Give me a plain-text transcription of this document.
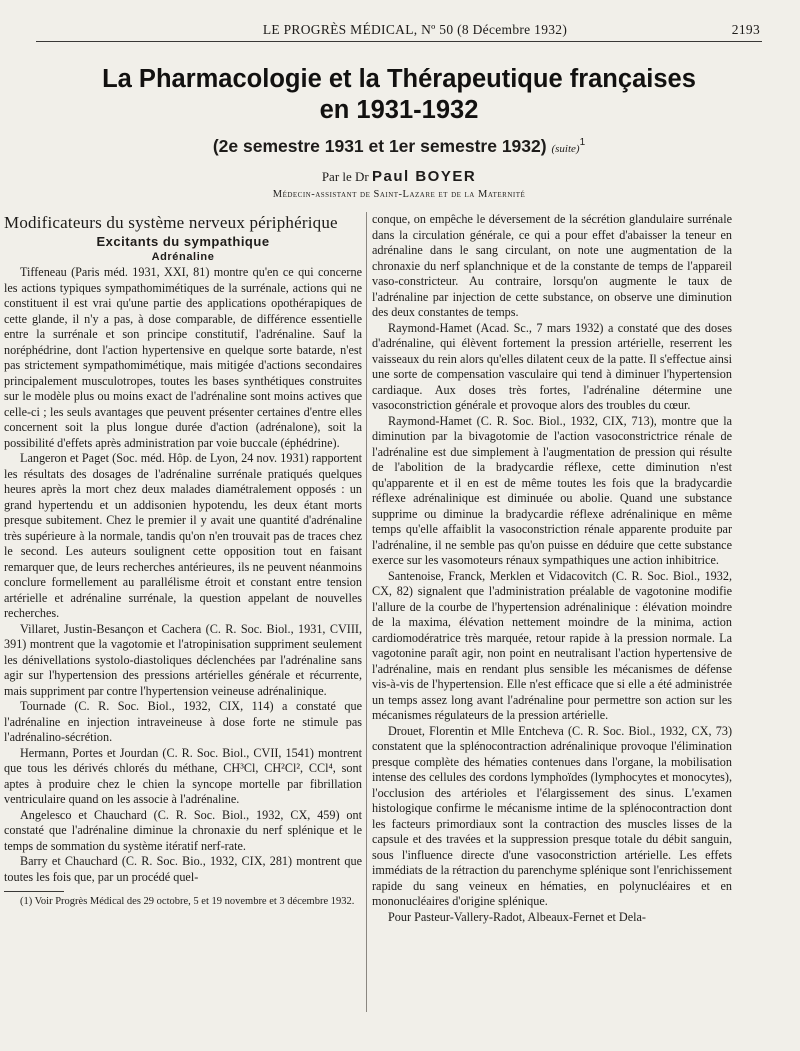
LE PROGRÈS MÉDICAL, Nº 50 (8 Décembre 1932)	2193
La Pharmacologie et la Thérapeutique françaises
en 1931-1932
(2e semestre 1931 et 1er semestre 1932) (suite)$^1$
Par le Dr Paul BOYER
Médecin-assistant de Saint-Lazare et de la Maternité

Modificateurs du système nerveux périphérique

Excitants du sympathique

Adrénaline

Tiffeneau (Paris méd. 1931, XXI, 81) montre qu'en ce qui concerne les actions typiques sympathomimétiques de la surrénale, actions qui ne constituent il est vrai qu'une partie des applications opothérapiques de cette glande, il n'y a pas, à dose comparable, de différence essentielle entre la surrénale et son principe constitutif, l'adrénaline. Sauf la noréphédrine, dont l'action hypertensive en quelque sorte batarde, n'est pas strictement sympathomimétique, mais mitigée d'actions secondaires principalement musculotropes, toutes les bases synthétiques construites sur le modèle plus ou moins exact de l'adrénaline sont moins actives que celle-ci ; les seuls avantages que peuvent présenter certaines d'entre elles concernent soit la plus longue durée d'action (adrénalone), soit la possibilité d'effets après administration par voie buccale (éphédrine).

Langeron et Paget (Soc. méd. Hôp. de Lyon, 24 nov. 1931) rapportent les résultats des dosages de l'adrénaline surrénale pratiqués quelques heures après la mort chez deux malades diamétralement opposés : un grand hypertendu et un addisonien hypotendu, les deux étant morts presque subitement. Chez le premier il y avait une quantité d'adrénaline très supérieure à la normale, tandis qu'on n'en trouvait pas de traces chez le second. Les auteurs soulignent cette opposition tout en faisant remarquer que, de leurs recherches antérieures, ils ne peuvent néanmoins conclure formellement au parallélisme étroit et constant entre tension artérielle et adrénaline surrénale, la question appelant de nouvelles recherches.

Villaret, Justin-Besançon et Cachera (C. R. Soc. Biol., 1931, CVIII, 391) montrent que la vagotomie et l'atropinisation suppriment seulement les dénivellations systolo-diastoliques déclenchées par l'adrénaline sans agir sur l'hypertension des pressions artérielles générale et récurrente, mais suppriment par contre l'hypertension veineuse adrénalinique.

Tournade (C. R. Soc. Biol., 1932, CIX, 114) a constaté que l'adrénaline en injection intraveineuse à dose forte ne stimule pas l'adrénalino-sécrétion.

Hermann, Portes et Jourdan (C. R. Soc. Biol., CVII, 1541) montrent que tous les dérivés chlorés du méthane, CH³Cl, CH²Cl², CCl⁴, sont aptes à produire chez le chien la syncope mortelle par fibrillation ventriculaire quand on les associe à l'adrénaline.

Angelesco et Chauchard (C. R. Soc. Biol., 1932, CX, 459) ont constaté que l'adrénaline diminue la chronaxie du nerf splénique et le temps de sommation du système itératif nerf-rate.

Barry et Chauchard (C. R. Soc. Bio., 1932, CIX, 281) montrent que toutes les fois que, par un procédé quel-

(1) Voir Progrès Médical des 29 octobre, 5 et 19 novembre et 3 décembre 1932.

conque, on empêche le déversement de la sécrétion glandulaire surrénale dans la circulation générale, ce qui a pour effet d'abaisser la teneur en adrénaline dans le sang circulant, on note une augmentation de la chronaxie du nerf splanchnique et de la constante de temps de l'appareil vaso-constricteur. Au contraire, lorsqu'on augmente le taux de l'adrénaline par injection de cette substance, on observe une diminution des deux constantes de temps.

Raymond-Hamet (Acad. Sc., 7 mars 1932) a constaté que des doses d'adrénaline, qui élèvent fortement la pression artérielle, reserrent les vaisseaux du rein alors qu'elles dilatent ceux de la patte. Il s'effectue ainsi une sorte de compensation vasculaire qui tend à diminuer l'hypertension cardiaque. Aux doses très fortes, l'adrénaline détermine une vasoconstriction générale et provoque alors des troubles du cœur.

Raymond-Hamet (C. R. Soc. Biol., 1932, CIX, 713), montre que la diminution par la bivagotomie de l'action vasoconstrictrice rénale de l'adrénaline est due simplement à l'augmentation de pression qui résulte de l'abolition de la bradycardie réflexe, cette diminution n'est qu'apparente et il en est de même toutes les fois que la bradycardie réflexe adrénalinique est diminuée ou abolie. Quand une substance supprime ou diminue la bradycardie réflexe adrénalinique en même temps qu'elle affaiblit la vasoconstriction rénale apparente produite par l'adrénaline, il ne semble pas qu'on puisse en déduire que cette substance exerce sur les vasomoteurs rénaux sympathiques une action inhibitrice.

Santenoise, Franck, Merklen et Vidacovitch (C. R. Soc. Biol., 1932, CX, 82) signalent que l'administration préalable de vagotonine modifie l'allure de la courbe de l'hypertension adrénalinique : élévation moindre de la maxima, élévation nettement moindre de la minima, action cardiomodératrice très marquée, retour rapide à la pression normale. La vagotonine paraît agir, non point en neutralisant l'action hypertensive de l'adrénaline, mais en rendant plus sensible les mécanismes de défense vis-à-vis de l'hypertension. Elle n'est efficace que si elle a été administrée un temps assez long avant l'adrénaline pour permettre son action sur les mécanismes régulateurs de la pression artérielle.

Drouet, Florentin et Mlle Entcheva (C. R. Soc. Biol., 1932, CX, 73) constatent que la splénocontraction adrénalinique provoque l'élimination presque complète des hématies contenues dans l'organe, la mobilisation intense des cellules des cordons lymphoïdes (lymphocytes et monocytes), l'occlusion des artérioles et l'élargissement des sinus. L'examen histologique confirme le mécanisme intime de la splénocontraction dont les facteurs primordiaux sont la contraction des muscles lisses de la capsule et des travées et la suppression presque totale du débit sanguin, sous l'influence directe d'une vasoconstriction artérielle. Les effets immédiats de la rétraction du parenchyme splénique sont l'enrichissement rapide du sang veineux en hématies, en polynucléaires et en mononucléaires d'origine splénique.

Pour Pasteur-Vallery-Radot, Albeaux-Fernet et Dela-
